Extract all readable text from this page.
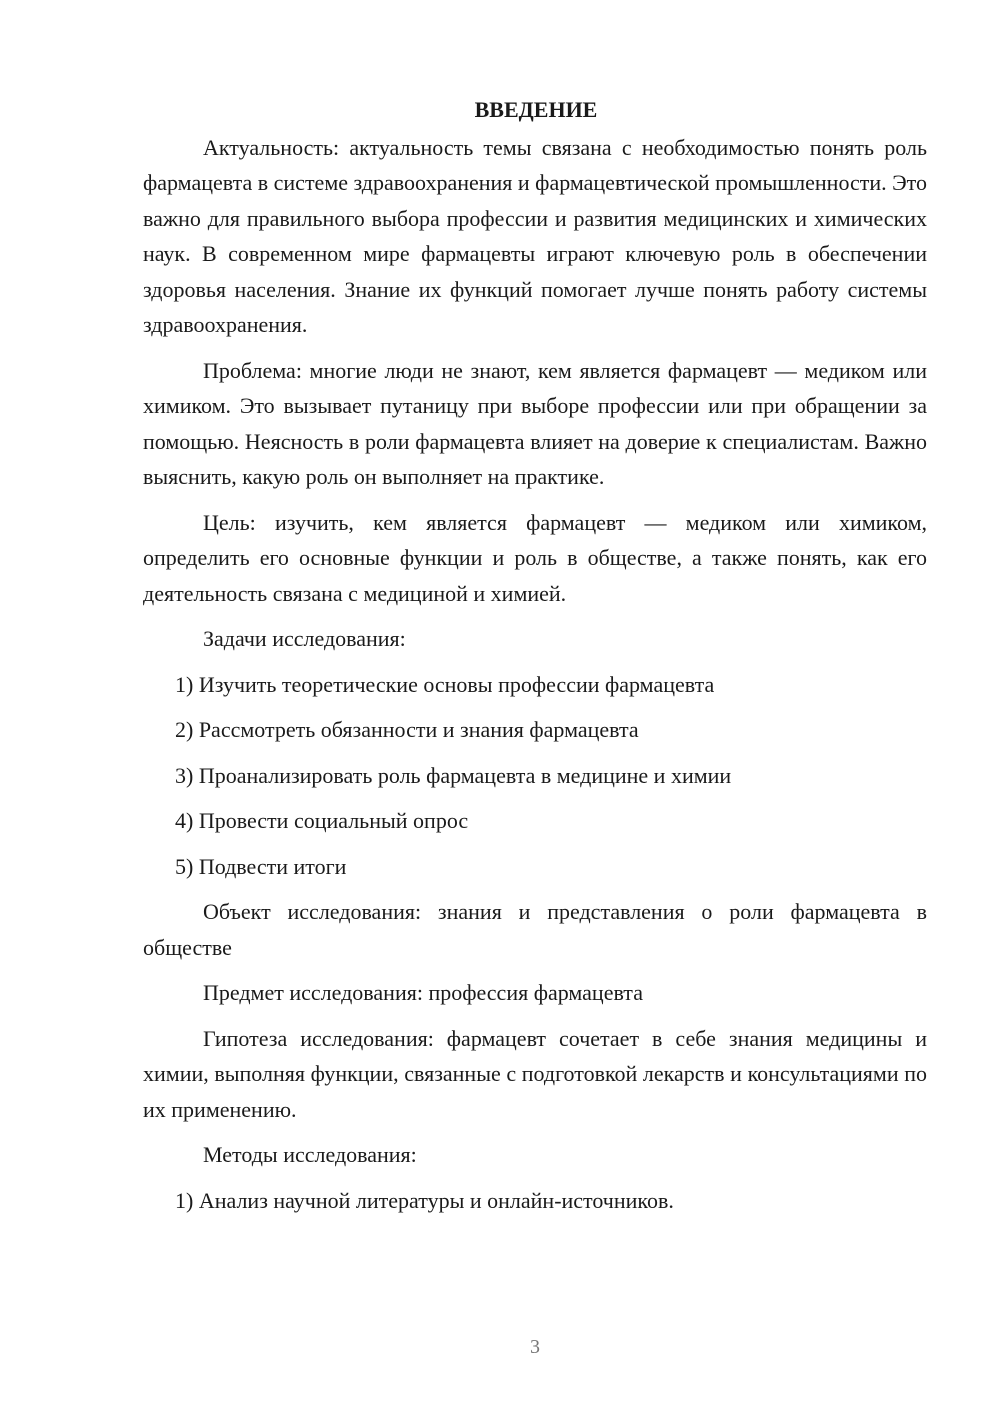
ВВЕДЕНИЕ

Актуальность: актуальность темы связана с необходимостью понять роль фармацевта в системе здравоохранения и фармацевтической промышленности. Это важно для правильного выбора профессии и развития медицинских и химических наук. В современном мире фармацевты играют ключевую роль в обеспечении здоровья населения. Знание их функций помогает лучше понять работу системы здравоохранения.

Проблема: многие люди не знают, кем является фармацевт — медиком или химиком. Это вызывает путаницу при выборе профессии или при обращении за помощью. Неясность в роли фармацевта влияет на доверие к специалистам. Важно выяснить, какую роль он выполняет на практике.

Цель: изучить, кем является фармацевт — медиком или химиком, определить его основные функции и роль в обществе, а также понять, как его деятельность связана с медициной и химией.

Задачи исследования:

1) Изучить теоретические основы профессии фармацевта

2) Рассмотреть обязанности и знания фармацевта

3) Проанализировать роль фармацевта в медицине и химии

4) Провести социальный опрос

5) Подвести итоги

Объект исследования: знания и представления о роли фармацевта в обществе

Предмет исследования: профессия фармацевта

Гипотеза исследования: фармацевт сочетает в себе знания медицины и химии, выполняя функции, связанные с подготовкой лекарств и консультациями по их применению.

Методы исследования:

1) Анализ научной литературы и онлайн-источников.

3
